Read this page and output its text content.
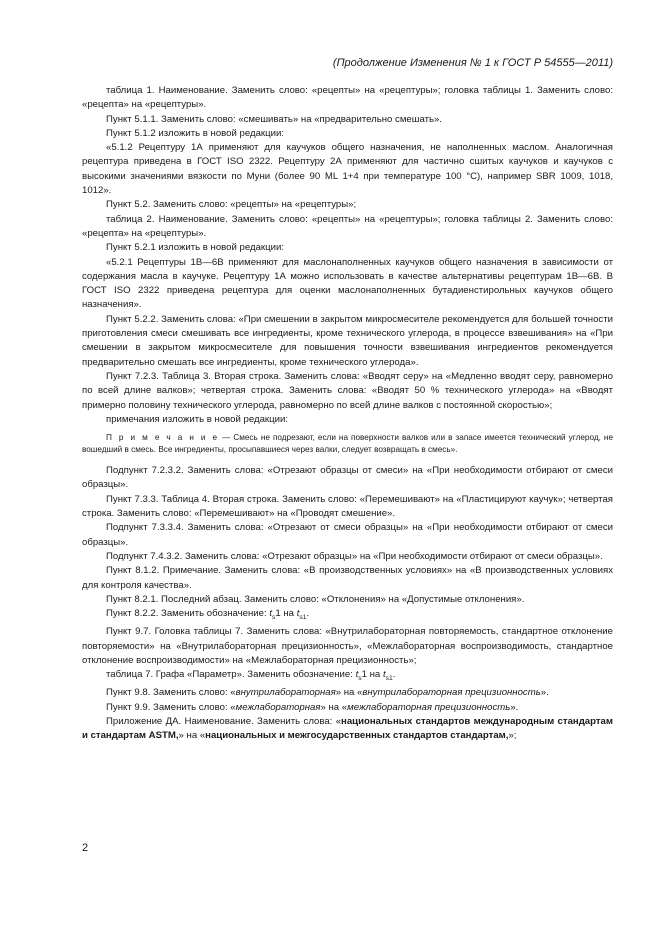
(Продолжение Изменения № 1 к ГОСТ Р 54555—2011)

таблица 1. Наименование. Заменить слово: «рецепты» на «рецептуры»; головка таблицы 1. Заменить слово: «рецепта» на «рецептуры».

Пункт 5.1.1. Заменить слово: «смешивать» на «предварительно смешать».

Пункт 5.1.2 изложить в новой редакции:

«5.1.2 Рецептуру 1А применяют для каучуков общего назначения, не наполненных маслом. Аналогичная рецептура приведена в ГОСТ ISO 2322. Рецептуру 2А применяют для частично сшитых каучуков и каучуков с высокими значениями вязкости по Муни (более 90 ML 1+4 при температуре 100 °С), например SBR 1009, 1018, 1012».

Пункт 5.2. Заменить слово: «рецепты» на «рецептуры»;

таблица 2. Наименование. Заменить слово: «рецепты» на «рецептуры»; головка таблицы 2. Заменить слово: «рецепта» на «рецептуры».

Пункт 5.2.1 изложить в новой редакции:

«5.2.1 Рецептуры 1В—6В применяют для маслонаполненных каучуков общего назначения в зависимости от содержания масла в каучуке. Рецептуру 1А можно использовать в качестве альтернативы рецептурам 1В—6В. В ГОСТ ISO 2322 приведена рецептура для оценки маслонаполненных бутадиенстирольных каучуков общего назначения».

Пункт 5.2.2. Заменить слова: «При смешении в закрытом микросмесителе рекомендуется для большей точности приготовления смеси смешивать все ингредиенты, кроме технического углерода, в процессе взвешивания» на «При смешении в закрытом микросмесителе для повышения точности взвешивания ингредиентов рекомендуется предварительно смешать все ингредиенты, кроме технического углерода».

Пункт 7.2.3. Таблица 3. Вторая строка. Заменить слова: «Вводят серу» на «Медленно вводят серу, равномерно по всей длине валков»; четвертая строка. Заменить слова: «Вводят 50 % технического углерода» на «Вводят примерно половину технического углерода, равномерно по всей длине валков с постоянной скоростью»;

примечания изложить в новой редакции:

П р и м е ч а н и е — Смесь не подрезают, если на поверхности валков или в запасе имеется технический углерод, не вошедший в смесь. Все ингредиенты, просыпавшиеся через валки, следует возвращать в смесь».

Подпункт 7.2.3.2. Заменить слова: «Отрезают образцы от смеси» на «При необходимости отбирают от смеси образцы».

Пункт 7.3.3. Таблица 4. Вторая строка. Заменить слово: «Перемешивают» на «Пластицируют каучук»; четвертая строка. Заменить слово: «Перемешивают» на «Проводят смешение».

Подпункт 7.3.3.4. Заменить слова: «Отрезают от смеси образцы» на «При необходимости отбирают от смеси образцы».

Подпункт 7.4.3.2. Заменить слова: «Отрезают образцы» на «При необходимости отбирают от смеси образцы».

Пункт 8.1.2. Примечание. Заменить слова: «В производственных условиях» на «В производственных условиях для контроля качества».

Пункт 8.2.1. Последний абзац. Заменить слово: «Отклонения» на «Допустимые отклонения».

Пункт 8.2.2. Заменить обозначение: $t_s1$ на $t_{s1}$.

Пункт 9.7. Головка таблицы 7. Заменить слова: «Внутрилабораторная повторяемость, стандартное отклонение повторяемости» на «Внутрилабораторная прецизионность», «Межлабораторная воспроизводимость, стандартное отклонение воспроизводимости» на «Межлабораторная прецизионность»;

таблица 7. Графа «Параметр». Заменить обозначение: $t_s1$ на $t_{s1}$.

Пункт 9.8. Заменить слово: «внутрилабораторная» на «внутрилабораторная прецизионность».

Пункт 9.9. Заменить слово: «межлабораторная» на «межлабораторная прецизионность».

Приложение ДА. Наименование. Заменить слова: «национальных стандартов международным стандартам и стандартам ASTM,» на «национальных и межгосударственных стандартов стандартам,»;

2
